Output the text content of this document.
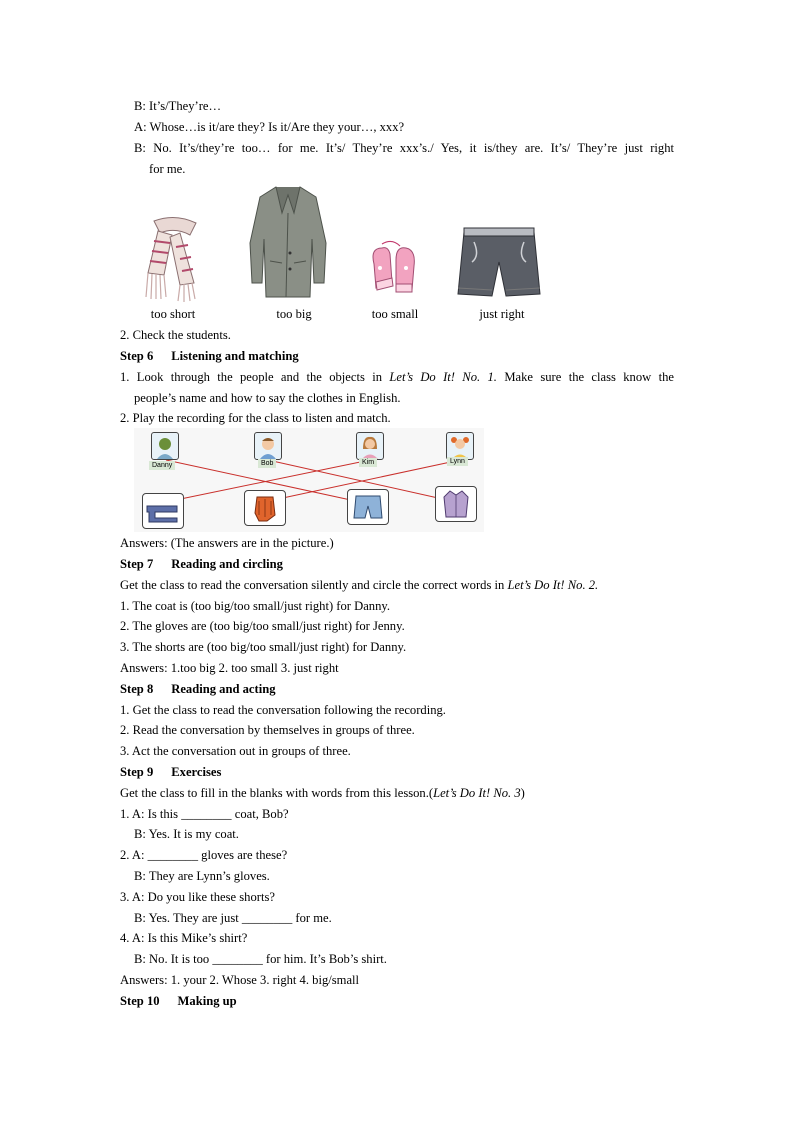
B: It’s/They’re…
A: Whose…is it/are they? Is it/Are they your…, xxx?
B: No. It’s/they’re too… for me. It’s/ They’re xxx’s./ Yes, it is/they are. It’s/ They’re just right
for me.
too short	too big	too small	just right
2. Check the students.
Step 6 Listening and matching
1. Look through the people and the objects in Let’s Do It! No. 1. Make sure the class know the
people’s name and how to say the clothes in English.
2. Play the recording for the class to listen and match.
Danny	Bob	Kim	Lynn
Answers: (The answers are in the picture.)
Step 7 Reading and circling
Get the class to read the conversation silently and circle the correct words in Let’s Do It! No. 2.
1. The coat is (too big/too small/just right) for Danny.
2. The gloves are (too big/too small/just right) for Jenny.
3. The shorts are (too big/too small/just right) for Danny.
Answers: 1.too big 2. too small 3. just right
Step 8 Reading and acting
1. Get the class to read the conversation following the recording.
2. Read the conversation by themselves in groups of three.
3. Act the conversation out in groups of three.
Step 9 Exercises
Get the class to fill in the blanks with words from this lesson.(Let’s Do It! No. 3)
1. A: Is this ________ coat, Bob?
B: Yes. It is my coat.
2. A: ________ gloves are these?
B: They are Lynn’s gloves.
3. A: Do you like these shorts?
B: Yes. They are just ________ for me.
4. A: Is this Mike’s shirt?
B: No. It is too ________ for him. It’s Bob’s shirt.
Answers: 1. your 2. Whose 3. right 4. big/small
Step 10 Making up
